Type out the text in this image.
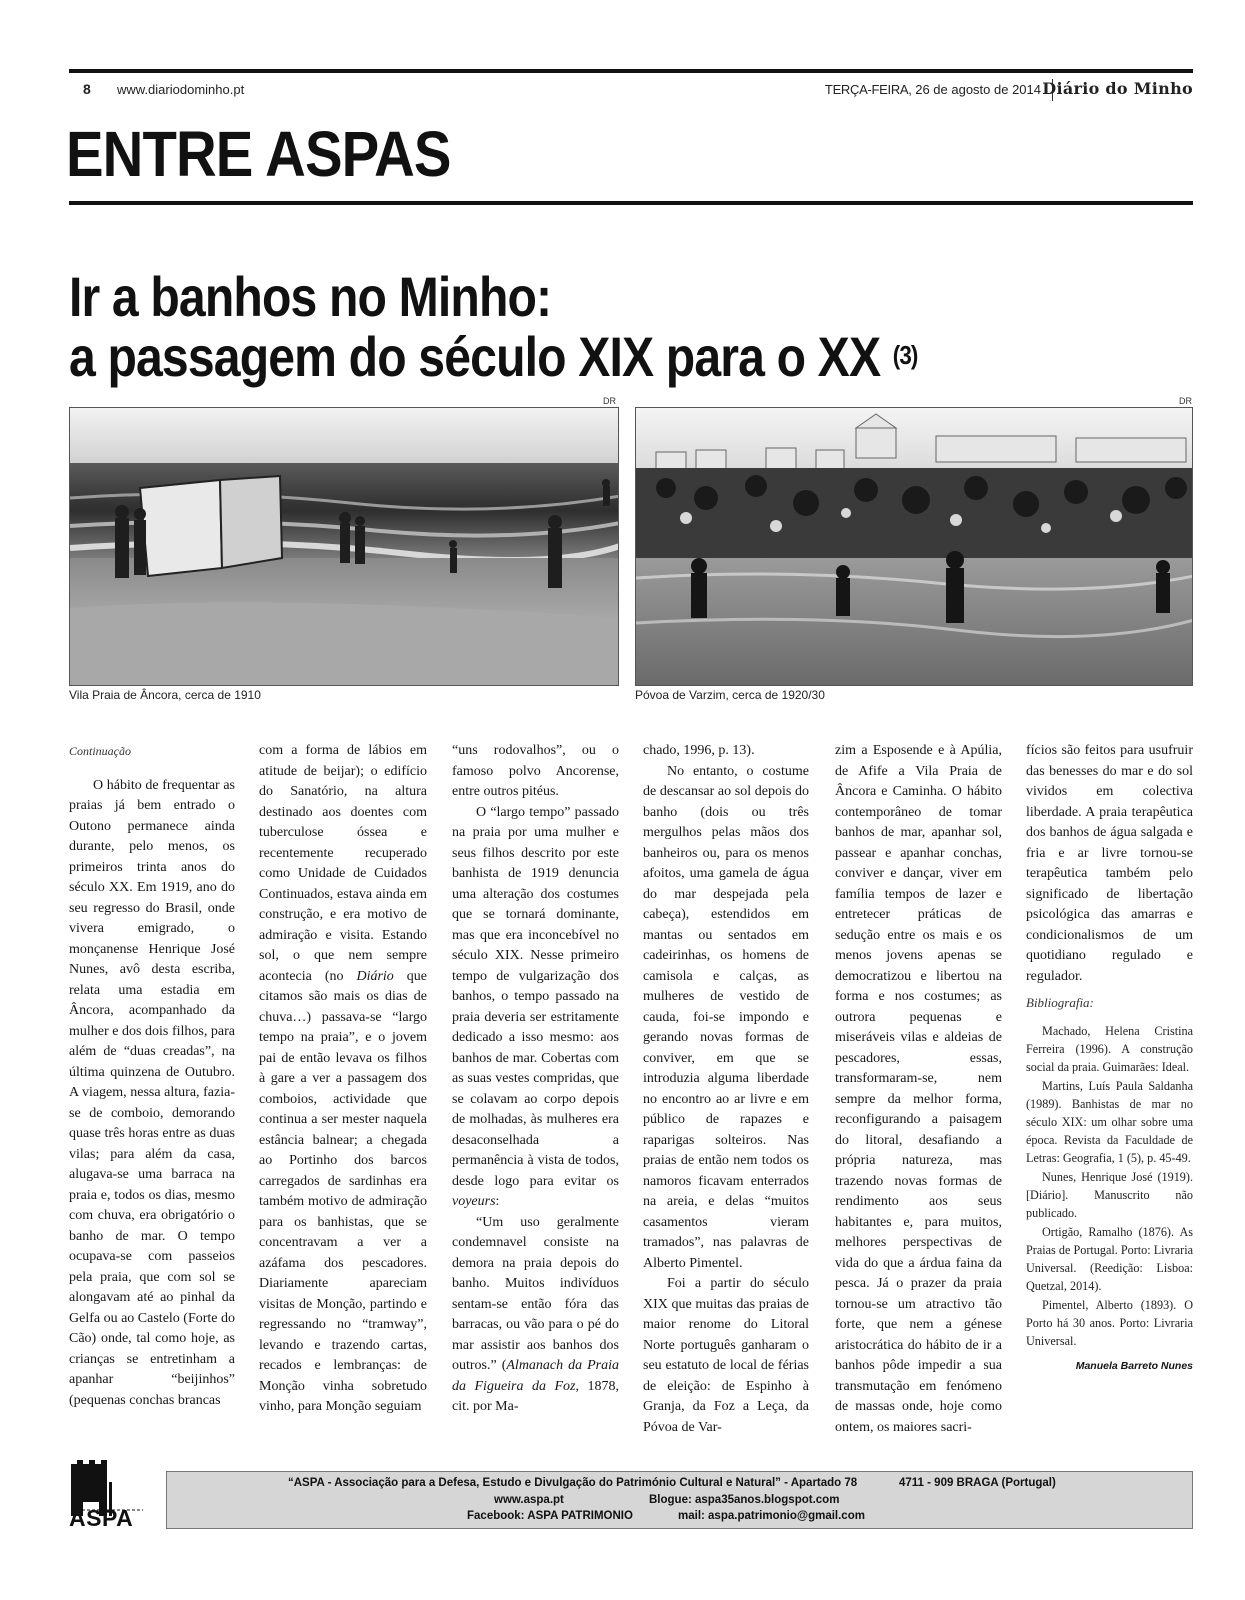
8 www.diariodominho.pt	TERÇA-FEIRA, 26 de agosto de 2014 Diário do Minho
ENTRE ASPAS
Ir a banhos no Minho:
a passagem do século XIX para o XX $^{(3)}$
DR
Vila Praia de Âncora, cerca de 1910
DR
Póvoa de Varzim, cerca de 1920/30

Continuação

O hábito de frequentar as praias já bem entrado o Outono permanece ainda durante, pelo menos, os primeiros trinta anos do século XX. Em 1919, ano do seu regresso do Brasil, onde vivera emigrado, o monçanense Henrique José Nunes, avô desta escriba, relata uma estadia em Âncora, acompanhado da mulher e dos dois filhos, para além de “duas creadas”, na última quinzena de Outubro. A viagem, nessa altura, fazia-se de comboio, demorando quase três horas entre as duas vilas; para além da casa, alugava-se uma barraca na praia e, todos os dias, mesmo com chuva, era obrigatório o banho de mar. O tempo ocupava-se com passeios pela praia, que com sol se alongavam até ao pinhal da Gelfa ou ao Castelo (Forte do Cão) onde, tal como hoje, as crianças se entretinham a apanhar “beijinhos” (pequenas conchas brancas

com a forma de lábios em atitude de beijar); o edifício do Sanatório, na altura destinado aos doentes com tuberculose óssea e recentemente recuperado como Unidade de Cuidados Continuados, estava ainda em construção, e era motivo de admiração e visita. Estando sol, o que nem sempre acontecia (no Diário que citamos são mais os dias de chuva…) passava-se “largo tempo na praia”, e o jovem pai de então levava os filhos à gare a ver a passagem dos comboios, actividade que continua a ser mester naquela estância balnear; a chegada ao Portinho dos barcos carregados de sardinhas era também motivo de admiração para os banhistas, que se concentravam a ver a azáfama dos pescadores. Diariamente apareciam visitas de Monção, partindo e regressando no “tramway”, levando e trazendo cartas, recados e lembranças: de Monção vinha sobretudo vinho, para Monção seguiam

“uns rodovalhos”, ou o famoso polvo Ancorense, entre outros pitéus.

O “largo tempo” passado na praia por uma mulher e seus filhos descrito por este banhista de 1919 denuncia uma alteração dos costumes que se tornará dominante, mas que era inconcebível no século XIX. Nesse primeiro tempo de vulgarização dos banhos, o tempo passado na praia deveria ser estritamente dedicado a isso mesmo: aos banhos de mar. Cobertas com as suas vestes compridas, que se colavam ao corpo depois de molhadas, às mulheres era desaconselhada a permanência à vista de todos, desde logo para evitar os voyeurs:

“Um uso geralmente condemnavel consiste na demora na praia depois do banho. Muitos indivíduos sentam-se então fóra das barracas, ou vão para o pé do mar assistir aos banhos dos outros.” (Almanach da Praia da Figueira da Foz, 1878, cit. por Ma-

chado, 1996, p. 13).

No entanto, o costume de descansar ao sol depois do banho (dois ou três mergulhos pelas mãos dos banheiros ou, para os menos afoitos, uma gamela de água do mar despejada pela cabeça), estendidos em mantas ou sentados em cadeirinhas, os homens de camisola e calças, as mulheres de vestido de cauda, foi-se impondo e gerando novas formas de conviver, em que se introduzia alguma liberdade no encontro ao ar livre e em público de rapazes e raparigas solteiros. Nas praias de então nem todos os namoros ficavam enterrados na areia, e delas “muitos casamentos vieram tramados”, nas palavras de Alberto Pimentel.

Foi a partir do século XIX que muitas das praias de maior renome do Litoral Norte português ganharam o seu estatuto de local de férias de eleição: de Espinho à Granja, da Foz a Leça, da Póvoa de Var-

zim a Esposende e à Apúlia, de Afife a Vila Praia de Âncora e Caminha. O hábito contemporâneo de tomar banhos de mar, apanhar sol, passear e apanhar conchas, conviver e dançar, viver em família tempos de lazer e entretecer práticas de sedução entre os mais e os menos jovens apenas se democratizou e libertou na forma e nos costumes; as outrora pequenas e miseráveis vilas e aldeias de pescadores, essas, transformaram-se, nem sempre da melhor forma, reconfigurando a paisagem do litoral, desafiando a própria natureza, mas trazendo novas formas de rendimento aos seus habitantes e, para muitos, melhores perspectivas de vida do que a árdua faina da pesca. Já o prazer da praia tornou-se um atractivo tão forte, que nem a génese aristocrática do hábito de ir a banhos pôde impedir a sua transmutação em fenómeno de massas onde, hoje como ontem, os maiores sacri-

fícios são feitos para usufruir das benesses do mar e do sol vividos em colectiva liberdade. A praia terapêutica dos banhos de água salgada e fria e ar livre tornou-se terapêutica também pelo significado de libertação psicológica das amarras e condicionalismos de um quotidiano regulado e regulador.

Bibliografia:

Machado, Helena Cristina Ferreira (1996). A construção social da praia. Guimarães: Ideal.

Martins, Luís Paula Saldanha (1989). Banhistas de mar no século XIX: um olhar sobre uma época. Revista da Faculdade de Letras: Geografia, 1 (5), p. 45-49.

Nunes, Henrique José (1919). [Diário]. Manuscrito não publicado.

Ortigão, Ramalho (1876). As Praias de Portugal. Porto: Livraria Universal. (Reedição: Lisboa: Quetzal, 2014).

Pimentel, Alberto (1893). O Porto há 30 anos. Porto: Livraria Universal.

Manuela Barreto Nunes

ASPA
“ASPA - Associação para a Defesa, Estudo e Divulgação do Património Cultural e Natural” - Apartado 78	4711 - 909 BRAGA (Portugal)
www.aspa.pt	Blogue: aspa35anos.blogspot.com
Facebook: ASPA PATRIMONIO	mail: aspa.patrimonio@gmail.com
